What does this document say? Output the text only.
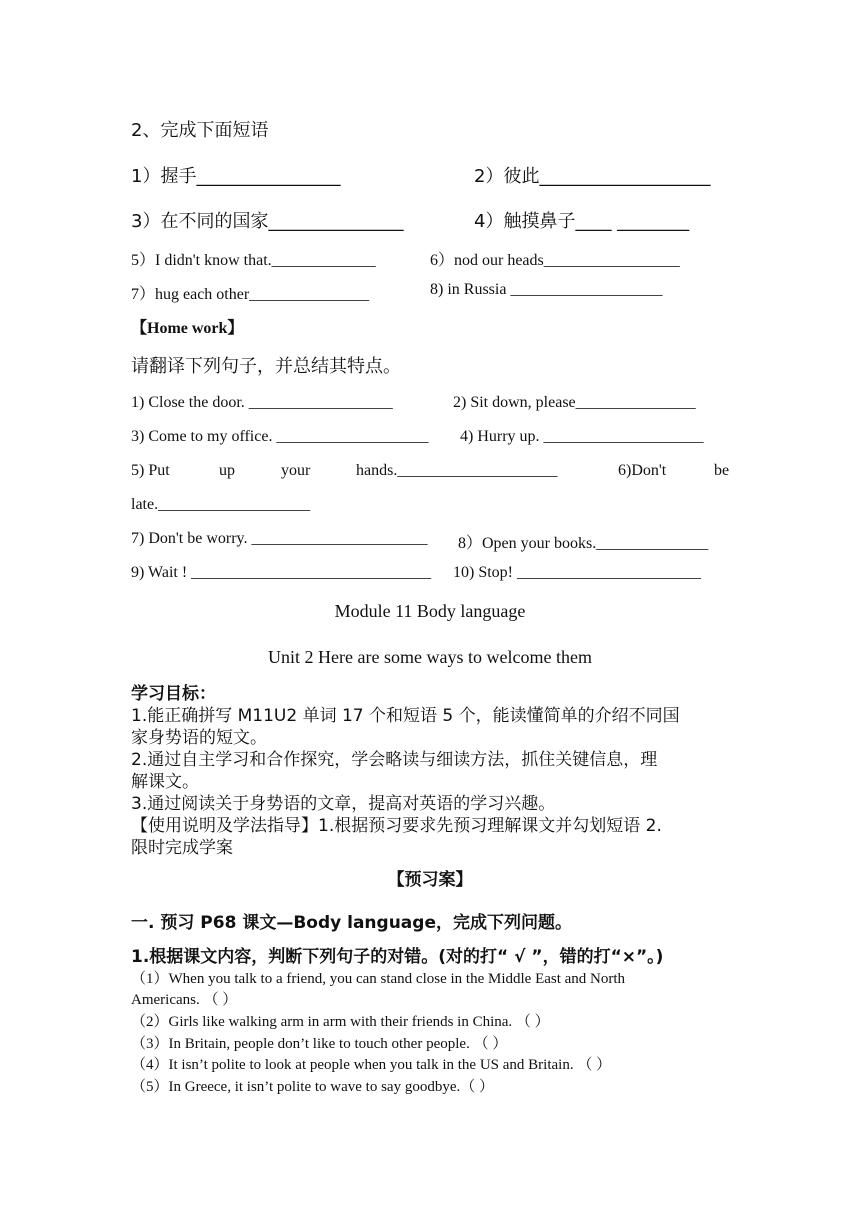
2、完成下面短语
1）握手________________	2）彼此___________________
3）在不同的国家_______________	4）触摸鼻子____ ________
5）I didn't know that._____________	6）nod our heads_________________
7）hug each other_______________	8) in Russia ___________________
【Home work】
请翻译下列句子，并总结其特点。
1) Close the door. __________________	2) Sit down, please_______________
3) Come to my office. ___________________ 4) Hurry up. ____________________
5) Put	up	your	hands.____________________	6)Don't	be
late.___________________
7) Don't be worry. ______________________ 8）Open your books.______________
9) Wait ! ______________________________ 10) Stop! _______________________
Module 11 Body language
Unit 2 Here are some ways to welcome them
学习目标：
1.能正确拼写 M11U2 单词 17 个和短语 5 个，能读懂简单的介绍不同国
家身势语的短文。
2.通过自主学习和合作探究，学会略读与细读方法，抓住关键信息，理
解课文。
3.通过阅读关于身势语的文章，提高对英语的学习兴趣。
【使用说明及学法指导】1.根据预习要求先预习理解课文并勾划短语 2.
限时完成学案
【预习案】
一. 预习 P68 课文—Body language，完成下列问题。
1.根据课文内容，判断下列句子的对错。(对的打“ √ ”，错的打“×”。)
（1）When you talk to a friend, you can stand close in the Middle East and North
Americans. （ ）
（2）Girls like walking arm in arm with their friends in China. （ ）
（3）In Britain, people don’t like to touch other people. （ ）
（4）It isn’t polite to look at people when you talk in the US and Britain. （ ）
（5）In Greece, it isn’t polite to wave to say goodbye.（ ）
